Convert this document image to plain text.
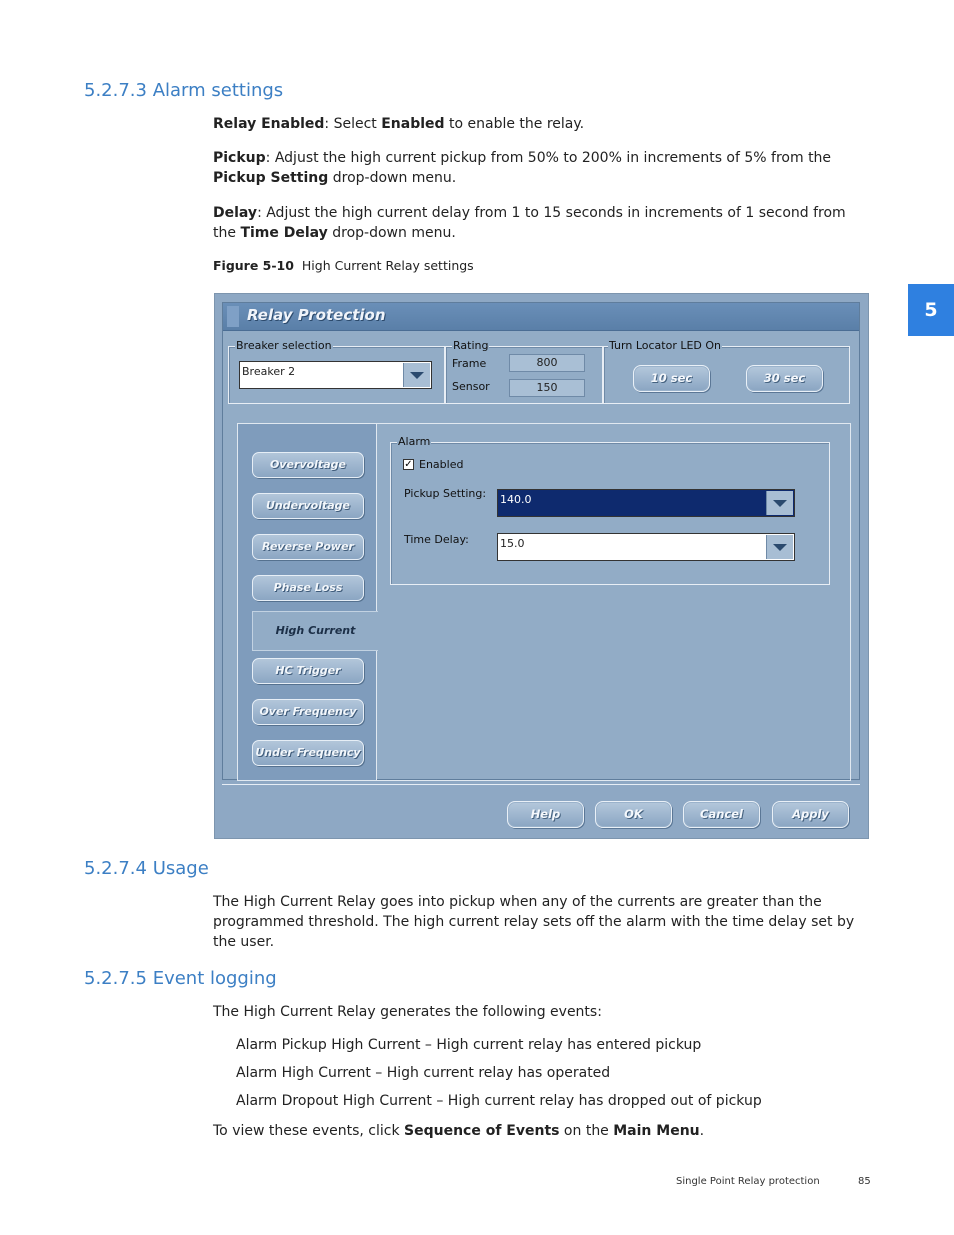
5.2.7.3 Alarm settings

Relay Enabled: Select Enabled to enable the relay.

Pickup: Adjust the high current pickup from 50% to 200% in increments of 5% from the Pickup Setting drop-down menu.

Delay: Adjust the high current delay from 1 to 15 seconds in increments of 1 second from the Time Delay drop-down menu.

Figure 5-10 High Current Relay settings
5
Relay Protection
Breaker selection
Breaker 2
Rating
Frame	800
Sensor	150
Turn Locator LED On
10 sec	30 sec
Overvoltage
Undervoltage
Reverse Power
Phase Loss
High Current
HC Trigger
Over Frequency
Under Frequency
Alarm
✓ Enabled
Pickup Setting: 140.0
Time Delay:	15.0
Help	OK	Cancel	Apply
5.2.7.4 Usage

The High Current Relay goes into pickup when any of the currents are greater than the programmed threshold. The high current relay sets off the alarm with the time delay set by the user.

5.2.7.5 Event logging

The High Current Relay generates the following events:

Alarm Pickup High Current – High current relay has entered pickup
Alarm High Current – High current relay has operated
Alarm Dropout High Current – High current relay has dropped out of pickup

To view these events, click Sequence of Events on the Main Menu.

Single Point Relay protection	85
